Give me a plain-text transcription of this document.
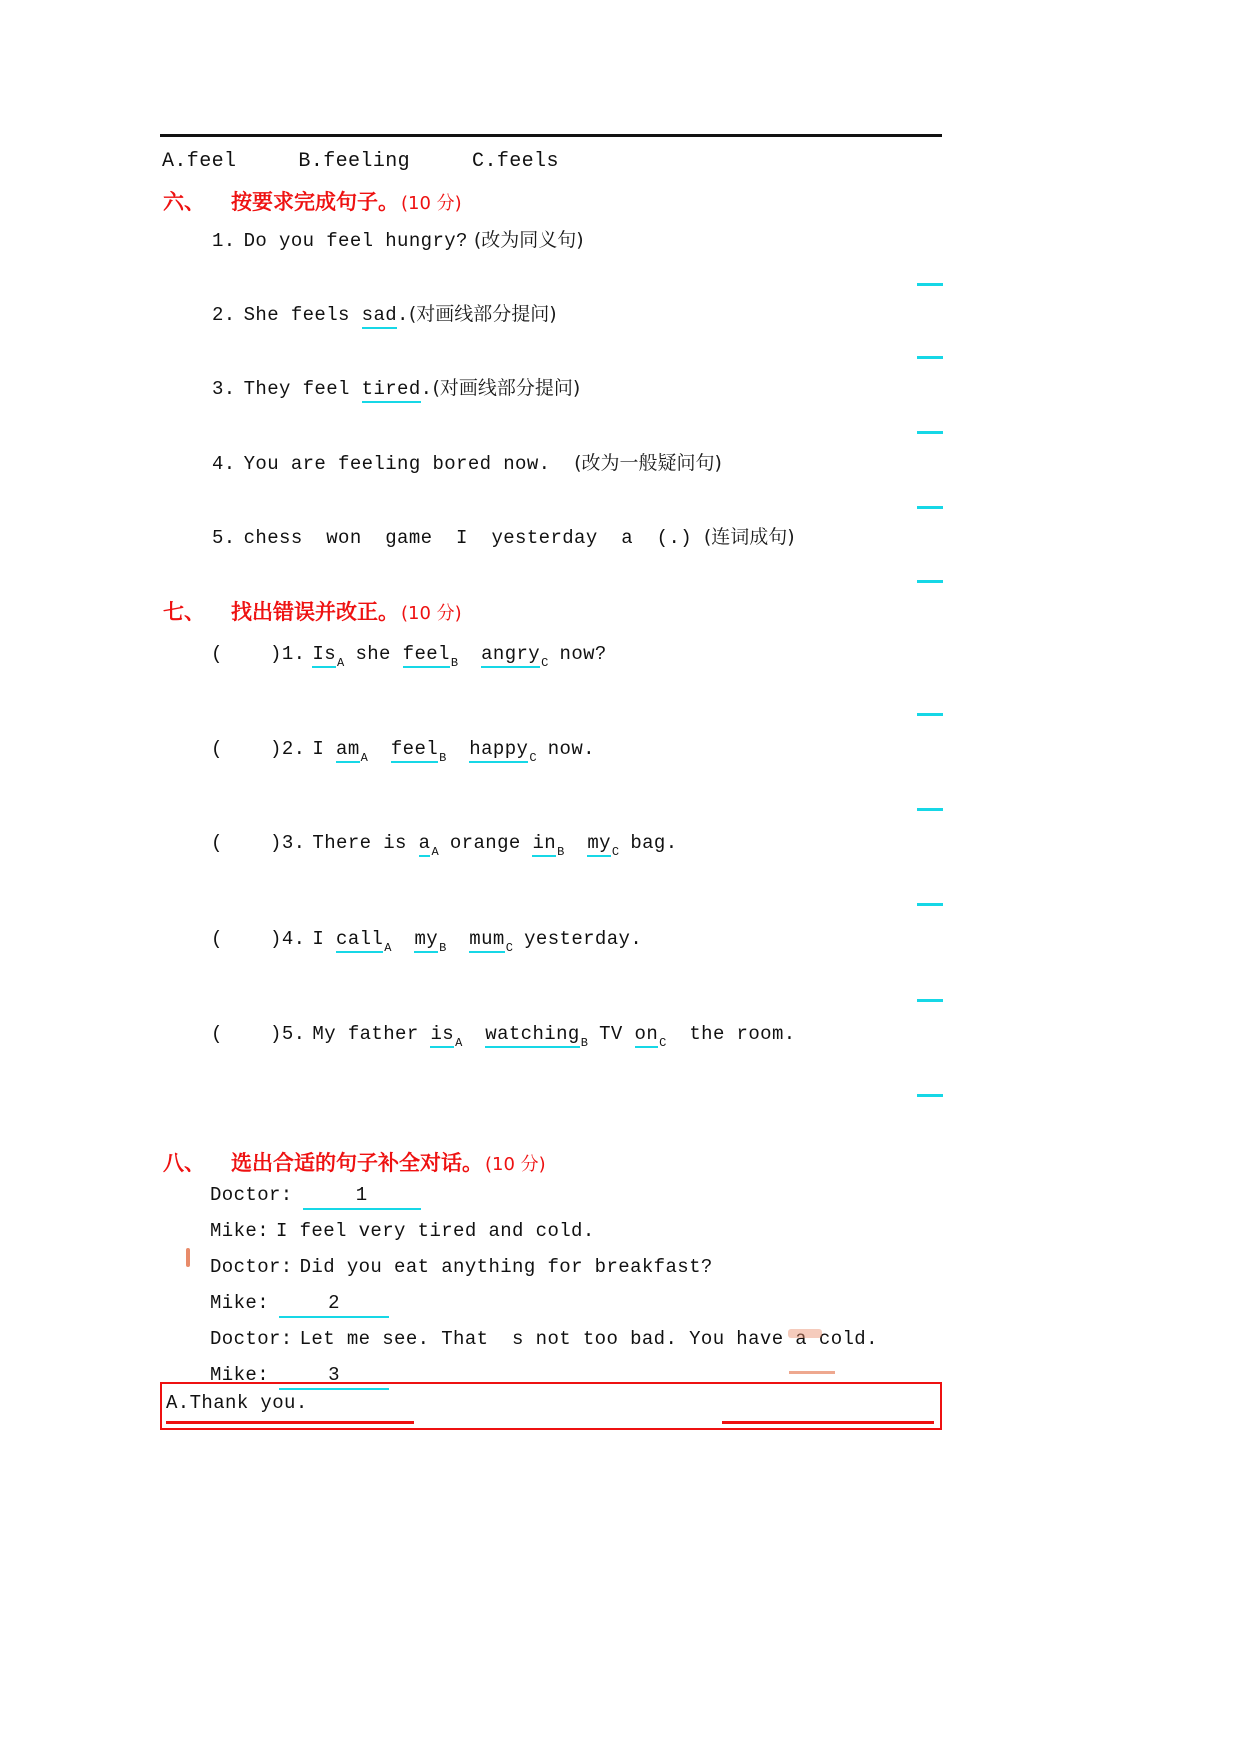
A.feel     B.feeling     C.feels
六、 按要求完成句子。 (10 分)
1. Do you feel hungry? (改为同义句)
2. She feels sad . (对画线部分提问)
3. They feel tired . (对画线部分提问)
4. You are feeling bored now. (改为一般疑问句)
5. chess  won  game  I  yesterday  a  (.) (连词成句)
七、 找出错误并改正。 (10 分)
(    ) 1. $Is_A$ she feel$_B$ angry$_C$ now?
(    ) 2. I $am_A$ feel$_B$ happy$_C$ now.
(    ) 3. There is $a_A$ orange $in_B$ $my_C$ bag.
(    ) 4. I call$_A$ $my_B$ mum$_C$ yesterday.
(    ) 5. My father $is_A$ watching$_B$ TV $on_C$  the room.
八、 选出合适的句子补全对话。 (10 分)
Doctor:	1
Mike: I feel very tired and cold.
Doctor: Did you eat anything for breakfast?
Mike:	2
Doctor: Let me see. That  s not too bad. You have a cold.
Mike:	3
A. Thank you.
